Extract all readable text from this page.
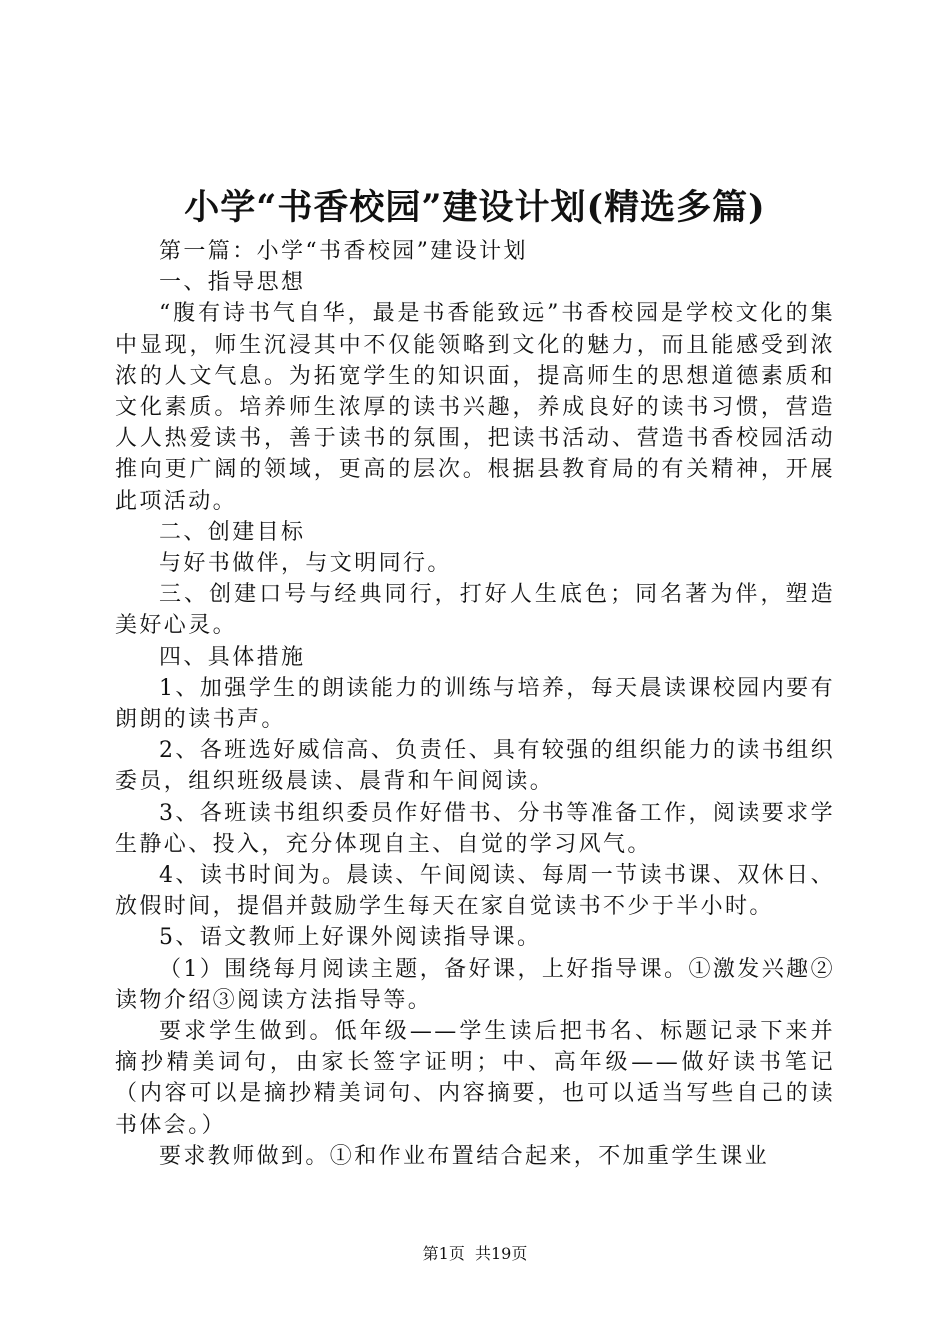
小学“书香校园”建设计划(精选多篇)

第一篇：小学“书香校园”建设计划

一、指导思想

“腹有诗书气自华，最是书香能致远”书香校园是学校文化的集中显现，师生沉浸其中不仅能领略到文化的魅力，而且能感受到浓浓的人文气息。为拓宽学生的知识面，提高师生的思想道德素质和文化素质。培养师生浓厚的读书兴趣，养成良好的读书习惯，营造人人热爱读书，善于读书的氛围，把读书活动、营造书香校园活动推向更广阔的领域，更高的层次。根据县教育局的有关精神，开展此项活动。

二、创建目标

与好书做伴，与文明同行。

三、创建口号与经典同行，打好人生底色；同名著为伴，塑造美好心灵。

四、具体措施

1、加强学生的朗读能力的训练与培养，每天晨读课校园内要有朗朗的读书声。

2、各班选好威信高、负责任、具有较强的组织能力的读书组织委员，组织班级晨读、晨背和午间阅读。

3、各班读书组织委员作好借书、分书等准备工作，阅读要求学生静心、投入，充分体现自主、自觉的学习风气。

4、读书时间为。晨读、午间阅读、每周一节读书课、双休日、放假时间，提倡并鼓励学生每天在家自觉读书不少于半小时。

5、语文教师上好课外阅读指导课。

（1）围绕每月阅读主题，备好课，上好指导课。①激发兴趣②读物介绍③阅读方法指导等。

要求学生做到。低年级——学生读后把书名、标题记录下来并摘抄精美词句，由家长签字证明；中、高年级——做好读书笔记（内容可以是摘抄精美词句、内容摘要，也可以适当写些自己的读书体会。）

要求教师做到。①和作业布置结合起来，不加重学生课业

第1页  共19页
